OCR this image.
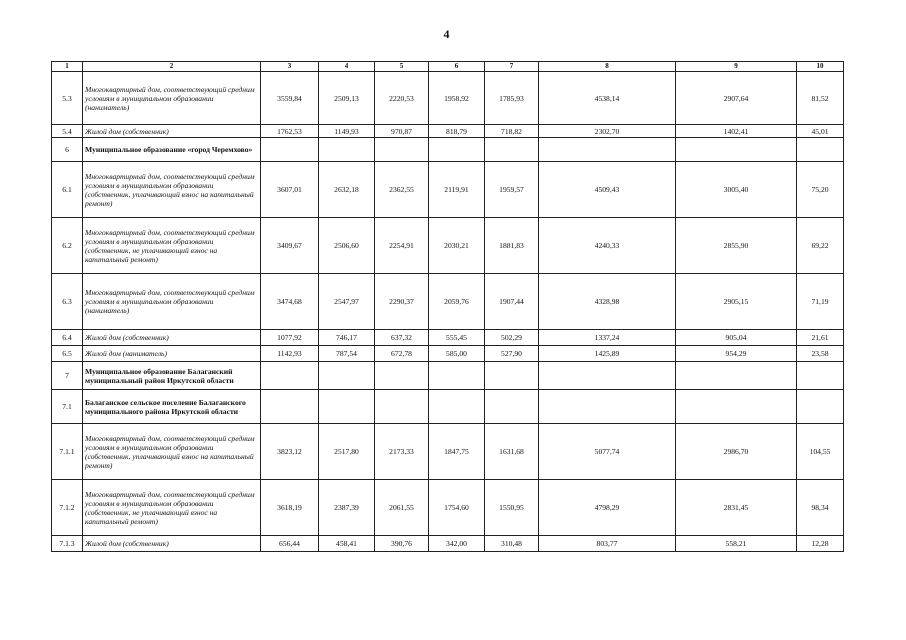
4
1	2	3	4	5	6	7	8	9	10
5.3	Многоквартирный дом, соответствующий средним условиям в муниципальном образовании (наниматель)	3559,84	2509,13	2220,53	1958,92	1785,93	4538,14	2907,64	81,52
5.4	Жилой дом (собственник)	1762,53	1149,93	970,87	818,79	718,82	2302,70	1402,41	45,01
6	Муниципальное образование «город Черемхово»								
6.1	Многоквартирный дом, соответствующий средним условиям в муниципальном образовании (собственник, уплачивающий взнос на капитальный ремонт)	3607,01	2632,18	2362,55	2119,91	1959,57	4509,43	3005,40	75,20
6.2	Многоквартирный дом, соответствующий средним условиям в муниципальном образовании (собственник, не уплачивающий взнос на капитальный ремонт)	3409,67	2506,60	2254,91	2030,21	1881,83	4240,33	2855,90	69,22
6.3	Многоквартирный дом, соответствующий средним условиям в муниципальном образовании (наниматель)	3474,68	2547,97	2290,37	2059,76	1907,44	4328,98	2905,15	71,19
6.4	Жилой дом (собственник)	1077,92	746,17	637,32	555,45	502,29	1337,24	905,04	21,61
6.5	Жилой дом (наниматель)	1142,93	787,54	672,78	585,00	527,90	1425,89	954,29	23,58
7	Муниципальное образование Балаганский муниципальный район Иркутской области								
7.1	Балаганское сельское поселение Балаганского муниципального района Иркутской области								
7.1.1	Многоквартирный дом, соответствующий средним условиям в муниципальном образовании (собственник, уплачивающий взнос на капитальный ремонт)	3823,12	2517,80	2173,33	1847,75	1631,68	5077,74	2986,70	104,55
7.1.2	Многоквартирный дом, соответствующий средним условиям в муниципальном образовании (собственник, не уплачивающий взнос на капитальный ремонт)	3618,19	2387,39	2061,55	1754,60	1550,95	4798,29	2831,45	98,34
7.1.3	Жилой дом (собственник)	656,44	458,41	390,76	342,00	310,48	803,77	558,21	12,28
